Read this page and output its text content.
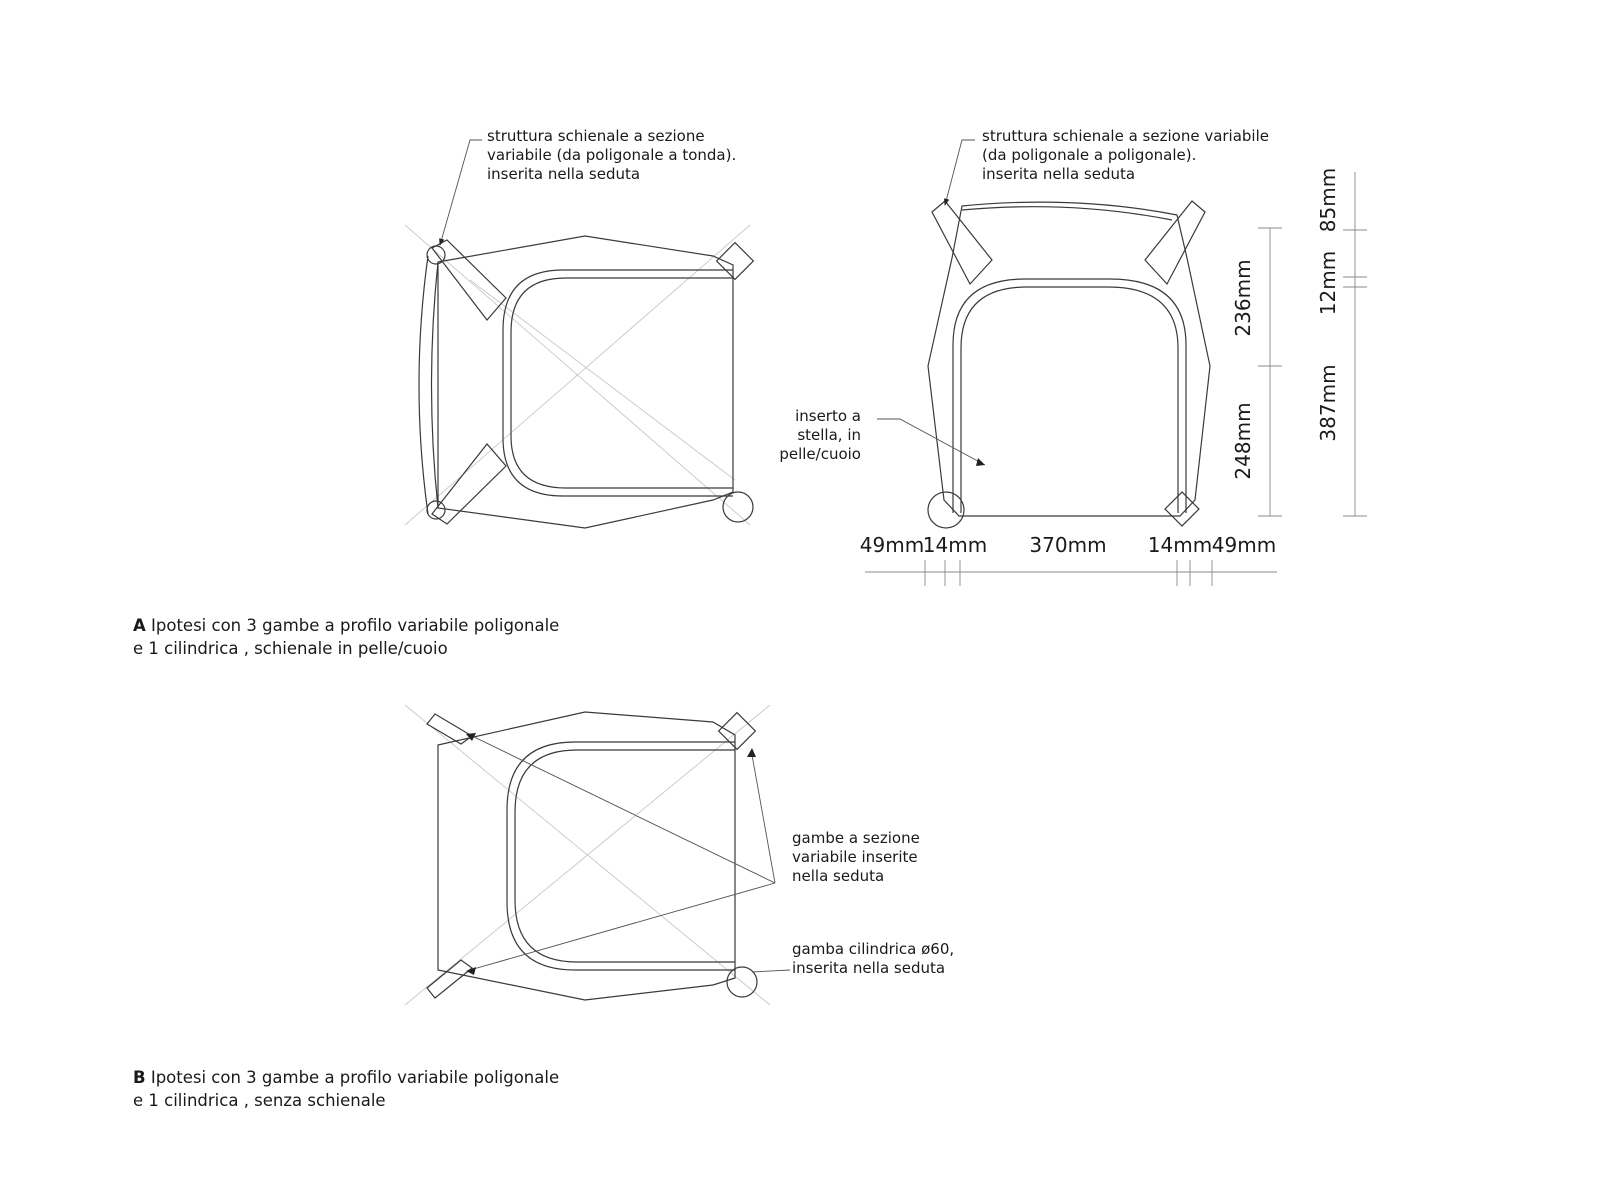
struttura schienale a sezione
variabile (da poligonale a tonda).
inserita nella seduta
struttura schienale a sezione variabile
(da poligonale a poligonale).
inserita nella seduta
inserto a
stella, in
pelle/cuoio
49mm
14mm 370mm 14mm 49mm
236mm
248mm
85mm
12mm
387mm
gambe a sezione
variabile inserite
nella seduta
gamba cilindrica ø60,
inserita nella seduta

A Ipotesi con 3 gambe a profilo variabile poligonale
e 1 cilindrica , schienale in pelle/cuoio

B Ipotesi con 3 gambe a profilo variabile poligonale
e 1 cilindrica , senza schienale
